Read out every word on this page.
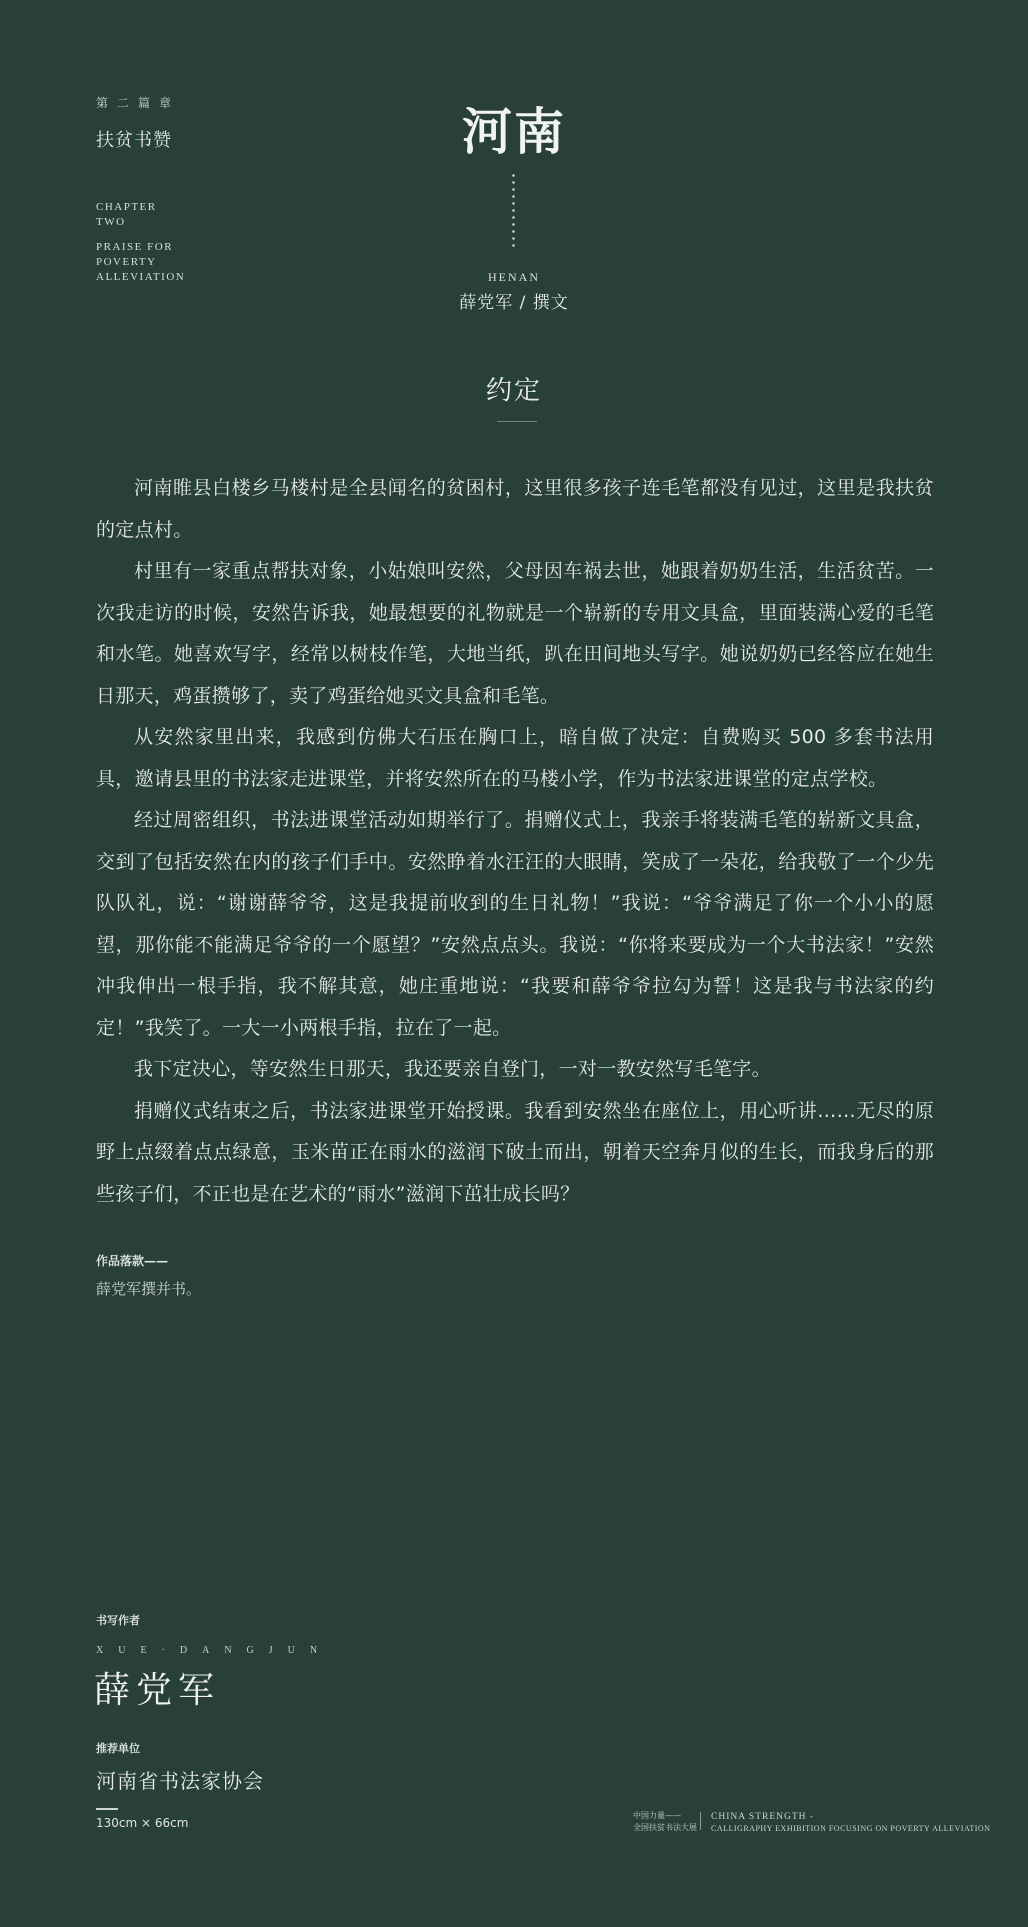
第二篇章
扶贫书赞
CHAPTER
TWO
PRAISE FOR
POVERTY
ALLEVIATION
河南
HENAN
薛党军 / 撰文
约定

河南睢县白楼乡马楼村是全县闻名的贫困村，这里很多孩子连毛笔都没有见过，这里是我扶贫的定点村。

村里有一家重点帮扶对象，小姑娘叫安然，父母因车祸去世，她跟着奶奶生活，生活贫苦。一次我走访的时候，安然告诉我，她最想要的礼物就是一个崭新的专用文具盒，里面装满心爱的毛笔和水笔。她喜欢写字，经常以树枝作笔，大地当纸，趴在田间地头写字。她说奶奶已经答应在她生日那天，鸡蛋攒够了，卖了鸡蛋给她买文具盒和毛笔。

从安然家里出来，我感到仿佛大石压在胸口上，暗自做了决定：自费购买 500 多套书法用具，邀请县里的书法家走进课堂，并将安然所在的马楼小学，作为书法家进课堂的定点学校。

经过周密组织，书法进课堂活动如期举行了。捐赠仪式上，我亲手将装满毛笔的崭新文具盒，交到了包括安然在内的孩子们手中。安然睁着水汪汪的大眼睛，笑成了一朵花，给我敬了一个少先队队礼，说：“谢谢薛爷爷，这是我提前收到的生日礼物！”我说：“爷爷满足了你一个小小的愿望，那你能不能满足爷爷的一个愿望？”安然点点头。我说：“你将来要成为一个大书法家！”安然冲我伸出一根手指，我不解其意，她庄重地说：“我要和薛爷爷拉勾为誓！这是我与书法家的约定！”我笑了。一大一小两根手指，拉在了一起。

我下定决心，等安然生日那天，我还要亲自登门，一对一教安然写毛笔字。

捐赠仪式结束之后，书法家进课堂开始授课。我看到安然坐在座位上，用心听讲……无尽的原野上点缀着点点绿意，玉米苗正在雨水的滋润下破土而出，朝着天空奔月似的生长，而我身后的那些孩子们，不正也是在艺术的“雨水”滋润下茁壮成长吗？

作品落款——
薛党军撰并书。
书写作者
XUE·DANGJUN
薛党军
推荐单位
河南省书法家协会
130cm × 66cm
中国力量——
全国扶贫书法大展
CHINA STRENGTH -
CALLIGRAPHY EXHIBITION FOCUSING ON POVERTY ALLEVIATION
